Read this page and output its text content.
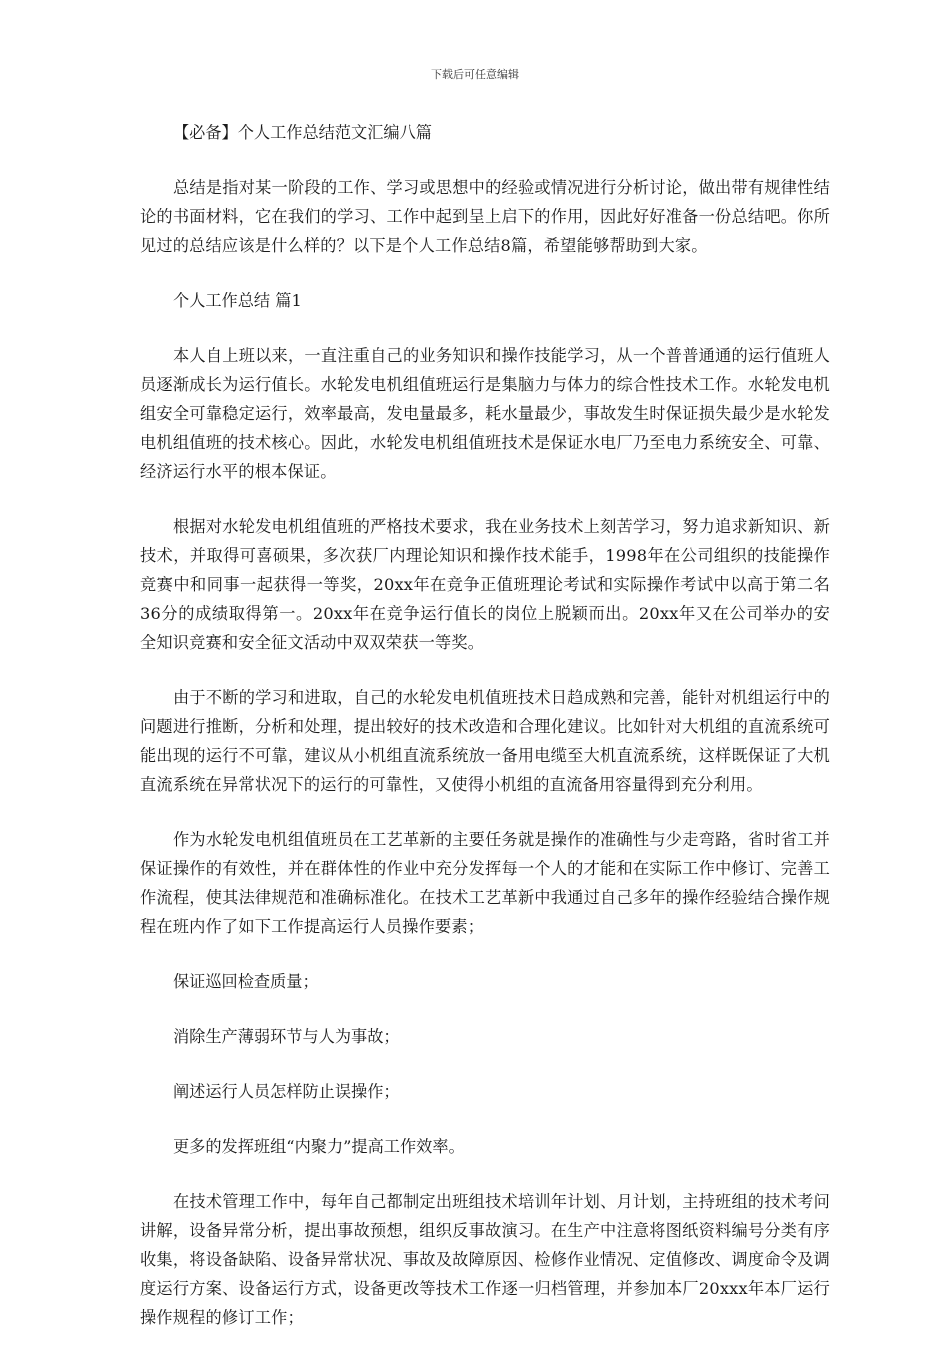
下载后可任意编辑

【必备】个人工作总结范文汇编八篇

总结是指对某一阶段的工作、学习或思想中的经验或情况进行分析讨论，做出带有规律性结论的书面材料，它在我们的学习、工作中起到呈上启下的作用，因此好好准备一份总结吧。你所见过的总结应该是什么样的？以下是个人工作总结8篇，希望能够帮助到大家。

个人工作总结 篇1

本人自上班以来，一直注重自己的业务知识和操作技能学习，从一个普普通通的运行值班人员逐渐成长为运行值长。水轮发电机组值班运行是集脑力与体力的综合性技术工作。水轮发电机组安全可靠稳定运行，效率最高，发电量最多，耗水量最少，事故发生时保证损失最少是水轮发电机组值班的技术核心。因此，水轮发电机组值班技术是保证水电厂乃至电力系统安全、可靠、经济运行水平的根本保证。

根据对水轮发电机组值班的严格技术要求，我在业务技术上刻苦学习，努力追求新知识、新技术，并取得可喜硕果，多次获厂内理论知识和操作技术能手，1998年在公司组织的技能操作竞赛中和同事一起获得一等奖，20xx年在竞争正值班理论考试和实际操作考试中以高于第二名36分的成绩取得第一。20xx年在竞争运行值长的岗位上脱颖而出。20xx年又在公司举办的安全知识竞赛和安全征文活动中双双荣获一等奖。

由于不断的学习和进取，自己的水轮发电机值班技术日趋成熟和完善，能针对机组运行中的问题进行推断，分析和处理，提出较好的技术改造和合理化建议。比如针对大机组的直流系统可能出现的运行不可靠，建议从小机组直流系统放一备用电缆至大机直流系统，这样既保证了大机直流系统在异常状况下的运行的可靠性，又使得小机组的直流备用容量得到充分利用。

作为水轮发电机组值班员在工艺革新的主要任务就是操作的准确性与少走弯路，省时省工并保证操作的有效性，并在群体性的作业中充分发挥每一个人的才能和在实际工作中修订、完善工作流程，使其法律规范和准确标准化。在技术工艺革新中我通过自己多年的操作经验结合操作规程在班内作了如下工作提高运行人员操作要素；

保证巡回检查质量；

消除生产薄弱环节与人为事故；

阐述运行人员怎样防止误操作；

更多的发挥班组“内聚力”提高工作效率。

在技术管理工作中，每年自己都制定出班组技术培训年计划、月计划，主持班组的技术考问讲解，设备异常分析，提出事故预想，组织反事故演习。在生产中注意将图纸资料编号分类有序收集，将设备缺陷、设备异常状况、事故及故障原因、检修作业情况、定值修改、调度命令及调度运行方案、设备运行方式，设备更改等技术工作逐一归档管理，并参加本厂20xxx年本厂运行操作规程的修订工作；
